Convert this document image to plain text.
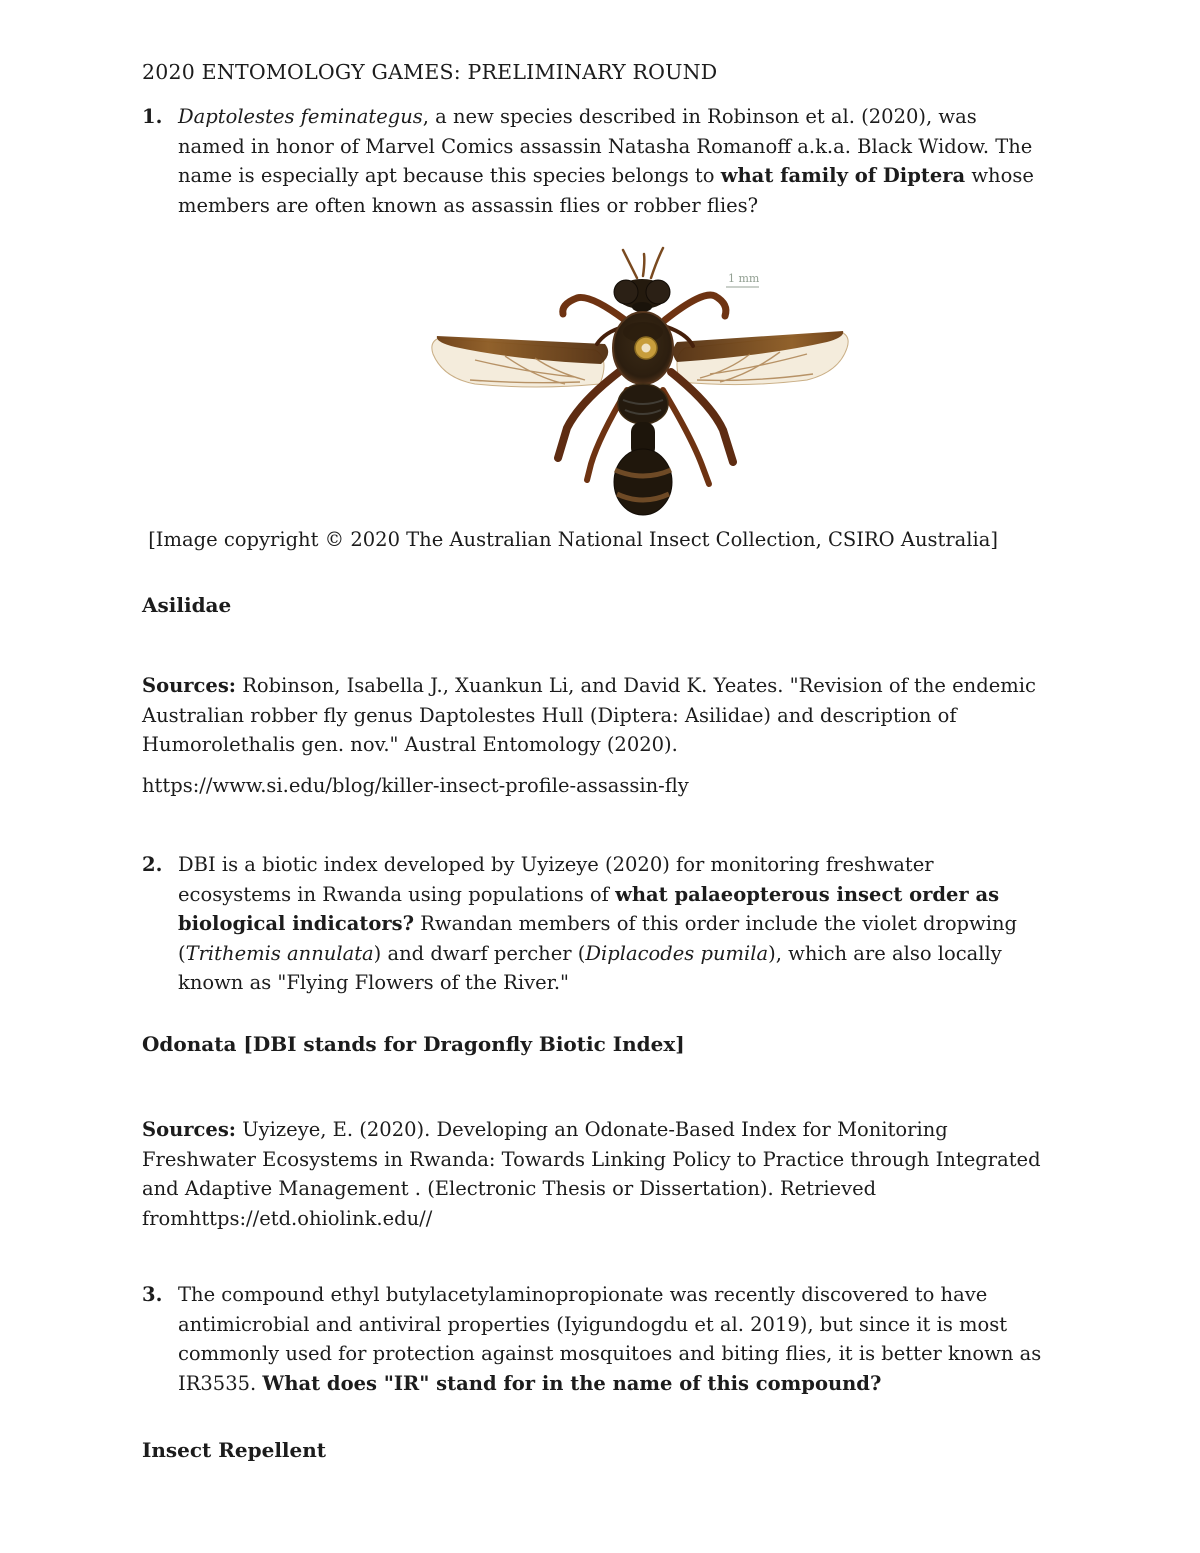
2020 ENTOMOLOGY GAMES: PRELIMINARY ROUND
1. Daptolestes feminategus, a new species described in Robinson et al. (2020), was named in honor of Marvel Comics assassin Natasha Romanoff a.k.a. Black Widow. The name is especially apt because this species belongs to what family of Diptera whose members are often known as assassin flies or robber flies?
1 mm
[Image copyright © 2020 The Australian National Insect Collection, CSIRO Australia]
Asilidae
Sources: Robinson, Isabella J., Xuankun Li, and David K. Yeates. "Revision of the endemic Australian robber fly genus Daptolestes Hull (Diptera: Asilidae) and description of Humorolethalis gen. nov." Austral Entomology (2020).
https://www.si.edu/blog/killer-insect-profile-assassin-fly
2. DBI is a biotic index developed by Uyizeye (2020) for monitoring freshwater ecosystems in Rwanda using populations of what palaeopterous insect order as biological indicators? Rwandan members of this order include the violet dropwing (Trithemis annulata) and dwarf percher (Diplacodes pumila), which are also locally known as "Flying Flowers of the River."
Odonata [DBI stands for Dragonfly Biotic Index]
Sources: Uyizeye, E. (2020). Developing an Odonate-Based Index for Monitoring Freshwater Ecosystems in Rwanda: Towards Linking Policy to Practice through Integrated and Adaptive Management . (Electronic Thesis or Dissertation). Retrieved fromhttps://etd.ohiolink.edu//
3. The compound ethyl butylacetylaminopropionate was recently discovered to have antimicrobial and antiviral properties (Iyigundogdu et al. 2019), but since it is most commonly used for protection against mosquitoes and biting flies, it is better known as IR3535. What does "IR" stand for in the name of this compound?
Insect Repellent
